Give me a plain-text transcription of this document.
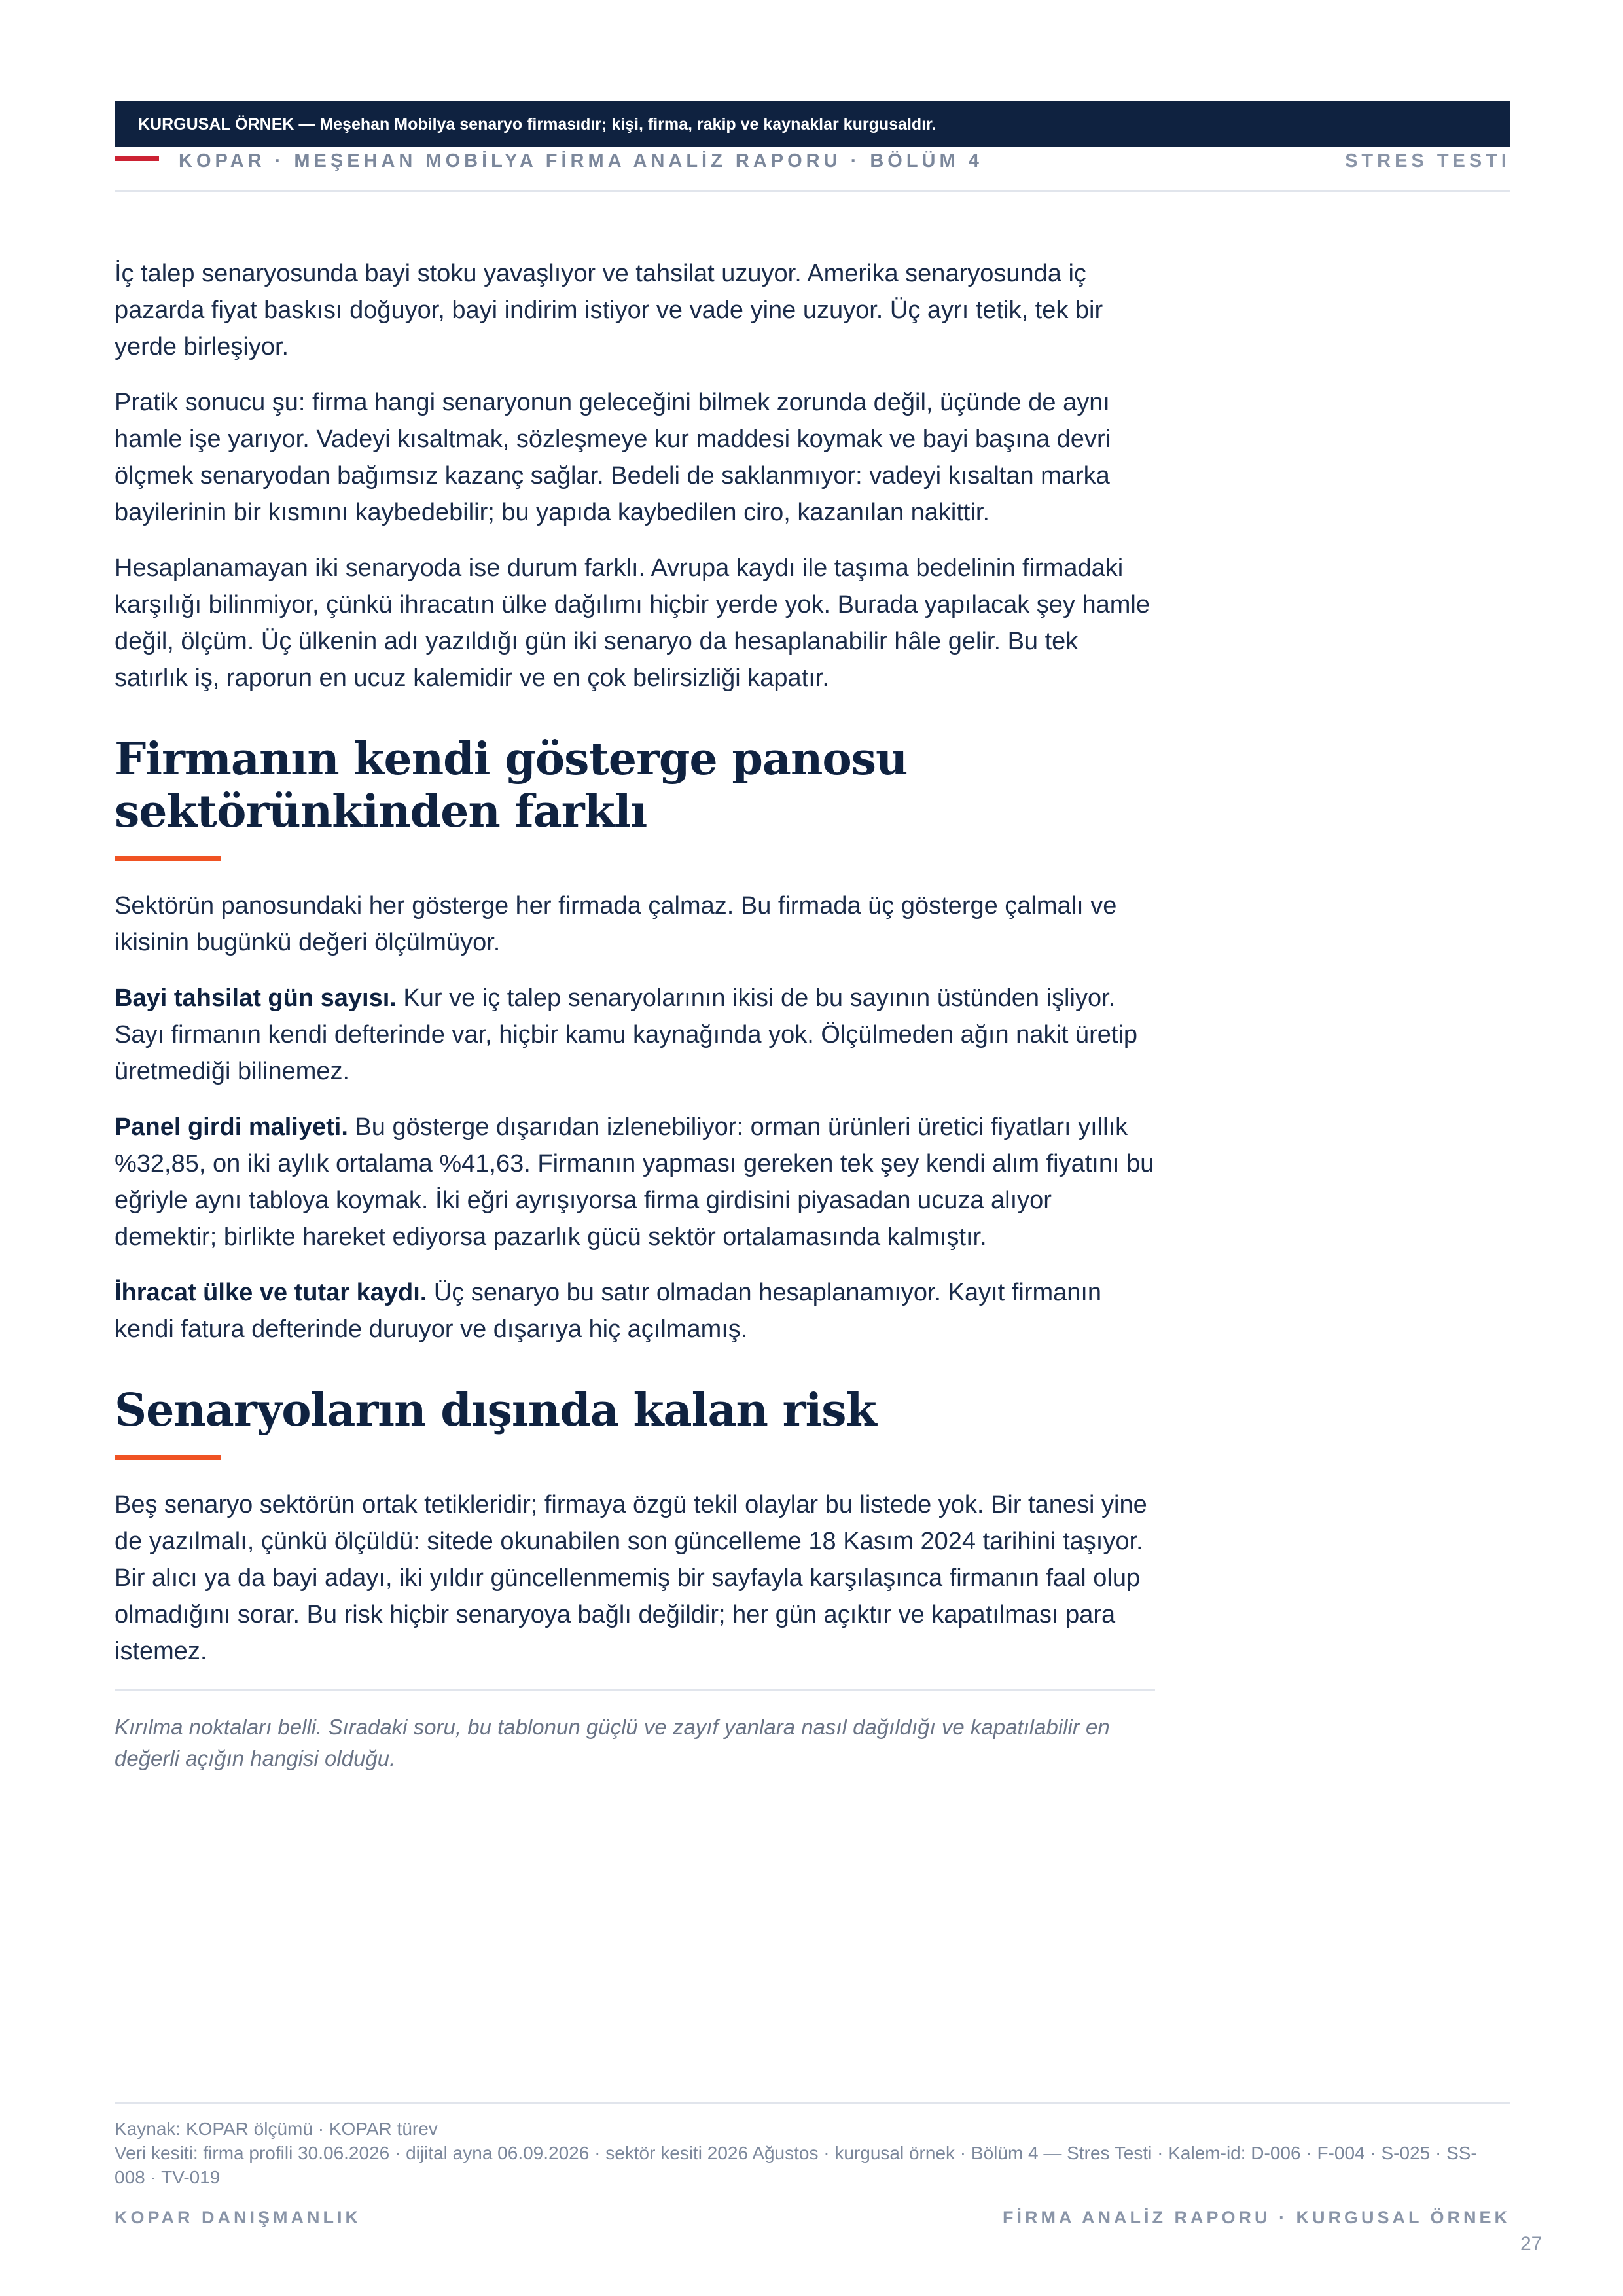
KURGUSAL ÖRNEK — Meşehan Mobilya senaryo firmasıdır; kişi, firma, rakip ve kaynaklar kurgusaldır.
KOPAR · MEŞEHAN MOBİLYA FİRMA ANALİZ RAPORU · BÖLÜM 4	STRES TESTI

İç talep senaryosunda bayi stoku yavaşlıyor ve tahsilat uzuyor. Amerika senaryosunda iç pazarda fiyat baskısı doğuyor, bayi indirim istiyor ve vade yine uzuyor. Üç ayrı tetik, tek bir yerde birleşiyor.

Pratik sonucu şu: firma hangi senaryonun geleceğini bilmek zorunda değil, üçünde de aynı hamle işe yarıyor. Vadeyi kısaltmak, sözleşmeye kur maddesi koymak ve bayi başına devri ölçmek senaryodan bağımsız kazanç sağlar. Bedeli de saklanmıyor: vadeyi kısaltan marka bayilerinin bir kısmını kaybedebilir; bu yapıda kaybedilen ciro, kazanılan nakittir.

Hesaplanamayan iki senaryoda ise durum farklı. Avrupa kaydı ile taşıma bedelinin firmadaki karşılığı bilinmiyor, çünkü ihracatın ülke dağılımı hiçbir yerde yok. Burada yapılacak şey hamle değil, ölçüm. Üç ülkenin adı yazıldığı gün iki senaryo da hesaplanabilir hâle gelir. Bu tek satırlık iş, raporun en ucuz kalemidir ve en çok belirsizliği kapatır.

Firmanın kendi gösterge panosu sektörünkinden farklı

Sektörün panosundaki her gösterge her firmada çalmaz. Bu firmada üç gösterge çalmalı ve ikisinin bugünkü değeri ölçülmüyor.

Bayi tahsilat gün sayısı. Kur ve iç talep senaryolarının ikisi de bu sayının üstünden işliyor. Sayı firmanın kendi defterinde var, hiçbir kamu kaynağında yok. Ölçülmeden ağın nakit üretip üretmediği bilinemez.

Panel girdi maliyeti. Bu gösterge dışarıdan izlenebiliyor: orman ürünleri üretici fiyatları yıllık %32,85, on iki aylık ortalama %41,63. Firmanın yapması gereken tek şey kendi alım fiyatını bu eğriyle aynı tabloya koymak. İki eğri ayrışıyorsa firma girdisini piyasadan ucuza alıyor demektir; birlikte hareket ediyorsa pazarlık gücü sektör ortalamasında kalmıştır.

İhracat ülke ve tutar kaydı. Üç senaryo bu satır olmadan hesaplanamıyor. Kayıt firmanın kendi fatura defterinde duruyor ve dışarıya hiç açılmamış.

Senaryoların dışında kalan risk

Beş senaryo sektörün ortak tetikleridir; firmaya özgü tekil olaylar bu listede yok. Bir tanesi yine de yazılmalı, çünkü ölçüldü: sitede okunabilen son güncelleme 18 Kasım 2024 tarihini taşıyor. Bir alıcı ya da bayi adayı, iki yıldır güncellenmemiş bir sayfayla karşılaşınca firmanın faal olup olmadığını sorar. Bu risk hiçbir senaryoya bağlı değildir; her gün açıktır ve kapatılması para istemez.

Kırılma noktaları belli. Sıradaki soru, bu tablonun güçlü ve zayıf yanlara nasıl dağıldığı ve kapatılabilir en değerli açığın hangisi olduğu.

Kaynak: KOPAR ölçümü · KOPAR türev
Veri kesiti: firma profili 30.06.2026 · dijital ayna 06.09.2026 · sektör kesiti 2026 Ağustos · kurgusal örnek · Bölüm 4 — Stres Testi · Kalem-id: D-006 · F-004 · S-025 · SS-008 · TV-019
KOPAR DANIŞMANLIK	FİRMA ANALİZ RAPORU · KURGUSAL ÖRNEK
27
